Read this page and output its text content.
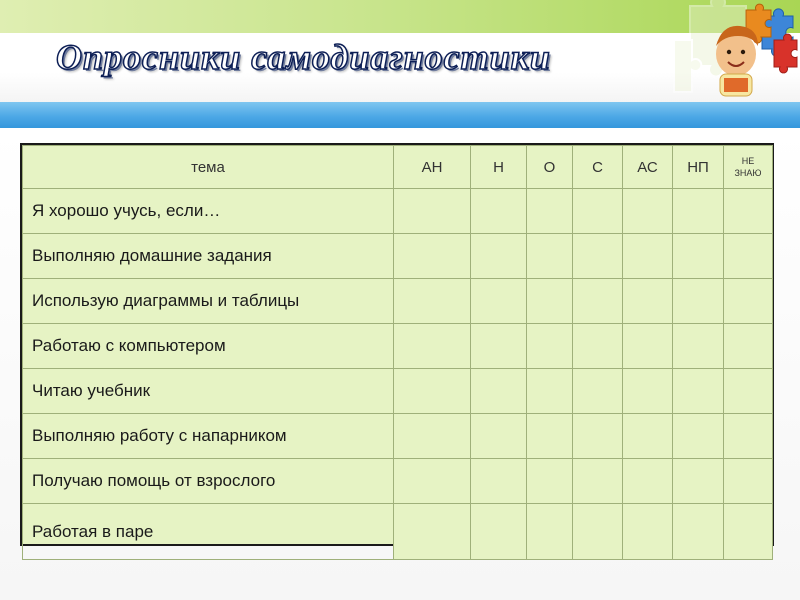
Опросники самодиагностики
тема	АН	Н	О	С	АС	НП	НЕ
ЗНАЮ

Я хорошо учусь, если…							
Выполняю домашние задания							
Использую диаграммы и таблицы							
Работаю с компьютером							
Читаю учебник							
Выполняю работу с напарником							
Получаю помощь от взрослого							
Работая в паре							
